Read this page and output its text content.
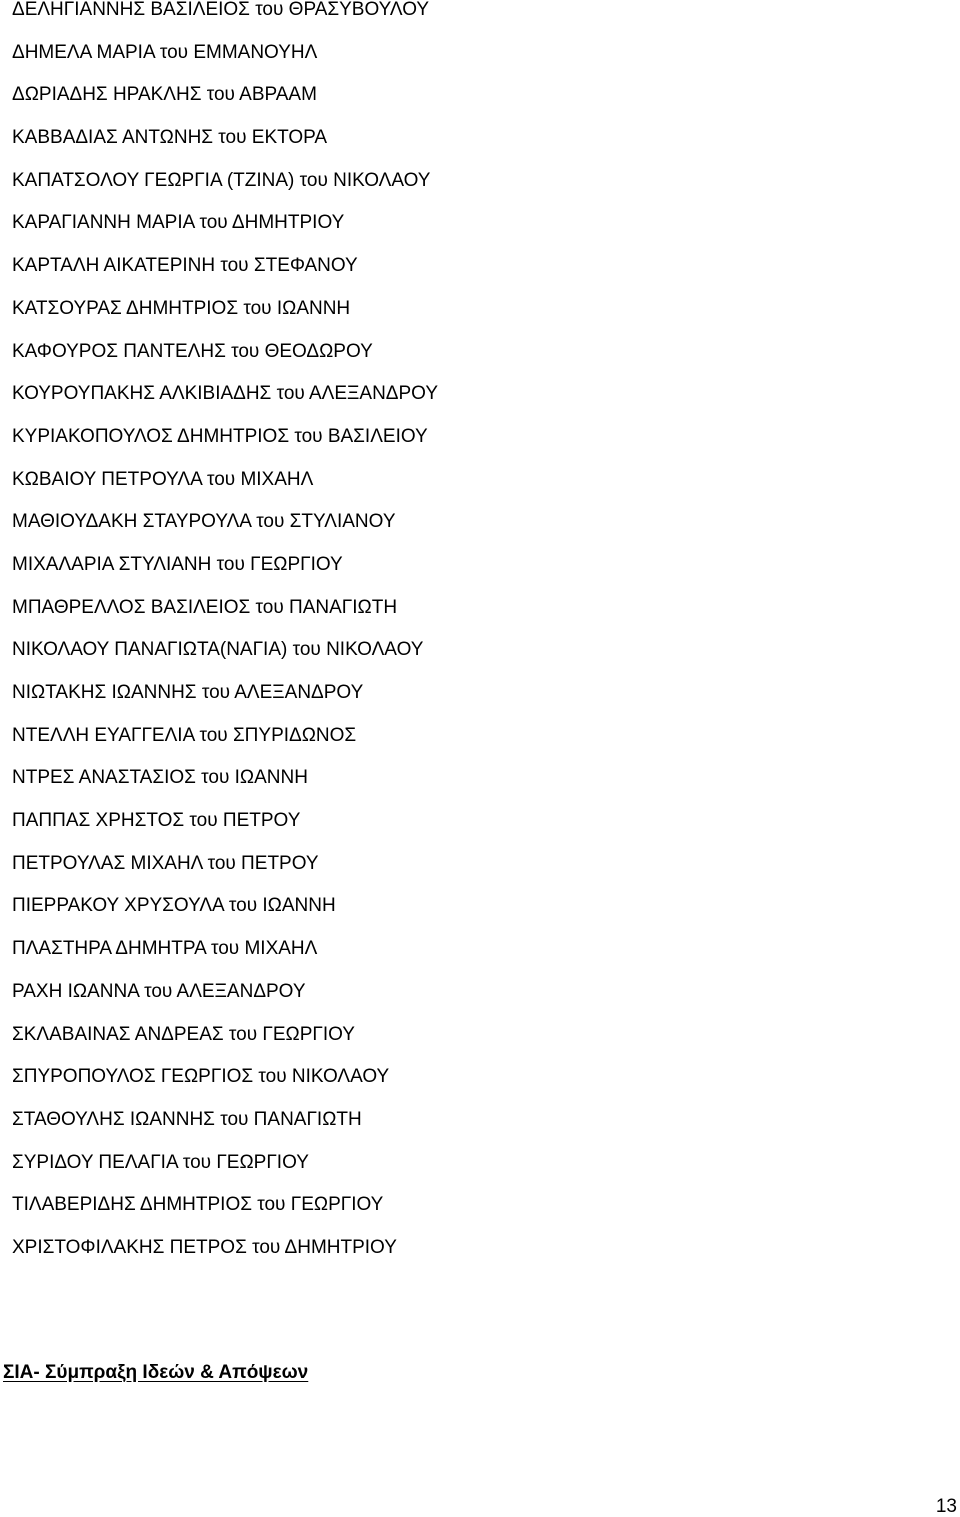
ΔΕΛΗΓΙΑΝΝΗΣ ΒΑΣΙΛΕΙΟΣ του ΘΡΑΣΥΒΟΥΛΟΥ
ΔΗΜΕΛΑ ΜΑΡΙΑ του ΕΜΜΑΝΟΥΗΛ
ΔΩΡΙΑΔΗΣ ΗΡΑΚΛΗΣ του ΑΒΡΑΑΜ
ΚΑΒΒΑΔΙΑΣ ΑΝΤΩΝΗΣ του ΕΚΤΟΡΑ
ΚΑΠΑΤΣΟΛΟΥ ΓΕΩΡΓΙΑ (ΤΖΙΝΑ) του ΝΙΚΟΛΑΟΥ
ΚΑΡΑΓΙΑΝΝΗ ΜΑΡΙΑ του ΔΗΜΗΤΡΙΟΥ
ΚΑΡΤΑΛΗ ΑΙΚΑΤΕΡΙΝΗ του ΣΤΕΦΑΝΟΥ
ΚΑΤΣΟΥΡΑΣ ΔΗΜΗΤΡΙΟΣ του ΙΩΑΝΝΗ
ΚΑΦΟΥΡΟΣ ΠΑΝΤΕΛΗΣ του ΘΕΟΔΩΡΟΥ
ΚΟΥΡΟΥΠΑΚΗΣ ΑΛΚΙΒΙΑΔΗΣ του ΑΛΕΞΑΝΔΡΟΥ
ΚΥΡΙΑΚΟΠΟΥΛΟΣ ΔΗΜΗΤΡΙΟΣ του ΒΑΣΙΛΕΙΟΥ
ΚΩΒΑΙΟΥ ΠΕΤΡΟΥΛΑ του ΜΙΧΑΗΛ
ΜΑΘΙΟΥΔΑΚΗ ΣΤΑΥΡΟΥΛΑ του ΣΤΥΛΙΑΝΟΥ
ΜΙΧΑΛΑΡΙΑ ΣΤΥΛΙΑΝΗ του ΓΕΩΡΓΙΟΥ
ΜΠΑΘΡΕΛΛΟΣ ΒΑΣΙΛΕΙΟΣ του ΠΑΝΑΓΙΩΤΗ
ΝΙΚΟΛΑΟΥ ΠΑΝΑΓΙΩΤΑ(ΝΑΓΙΑ) του ΝΙΚΟΛΑΟΥ
ΝΙΩΤΑΚΗΣ ΙΩΑΝΝΗΣ του ΑΛΕΞΑΝΔΡΟΥ
ΝΤΕΛΛΗ ΕΥΑΓΓΕΛΙΑ του ΣΠΥΡΙΔΩΝΟΣ
ΝΤΡΕΣ ΑΝΑΣΤΑΣΙΟΣ του ΙΩΑΝΝΗ
ΠΑΠΠΑΣ ΧΡΗΣΤΟΣ του ΠΕΤΡΟΥ
ΠΕΤΡΟΥΛΑΣ ΜΙΧΑΗΛ του ΠΕΤΡΟΥ
ΠΙΕΡΡΑΚΟΥ ΧΡΥΣΟΥΛΑ του ΙΩΑΝΝΗ
ΠΛΑΣΤΗΡΑ ΔΗΜΗΤΡΑ του ΜΙΧΑΗΛ
ΡΑΧΗ ΙΩΑΝΝΑ του ΑΛΕΞΑΝΔΡΟΥ
ΣΚΛΑΒΑΙΝΑΣ ΑΝΔΡΕΑΣ του ΓΕΩΡΓΙΟΥ
ΣΠΥΡΟΠΟΥΛΟΣ ΓΕΩΡΓΙΟΣ του ΝΙΚΟΛΑΟΥ
ΣΤΑΘΟΥΛΗΣ ΙΩΑΝΝΗΣ του ΠΑΝΑΓΙΩΤΗ
ΣΥΡΙΔΟΥ ΠΕΛΑΓΙΑ του ΓΕΩΡΓΙΟΥ
ΤΙΛΑΒΕΡΙΔΗΣ ΔΗΜΗΤΡΙΟΣ του ΓΕΩΡΓΙΟΥ
ΧΡΙΣΤΟΦΙΛΑΚΗΣ ΠΕΤΡΟΣ του ΔΗΜΗΤΡΙΟΥ
ΣΙΑ- Σύμπραξη Ιδεών & Απόψεων
13
